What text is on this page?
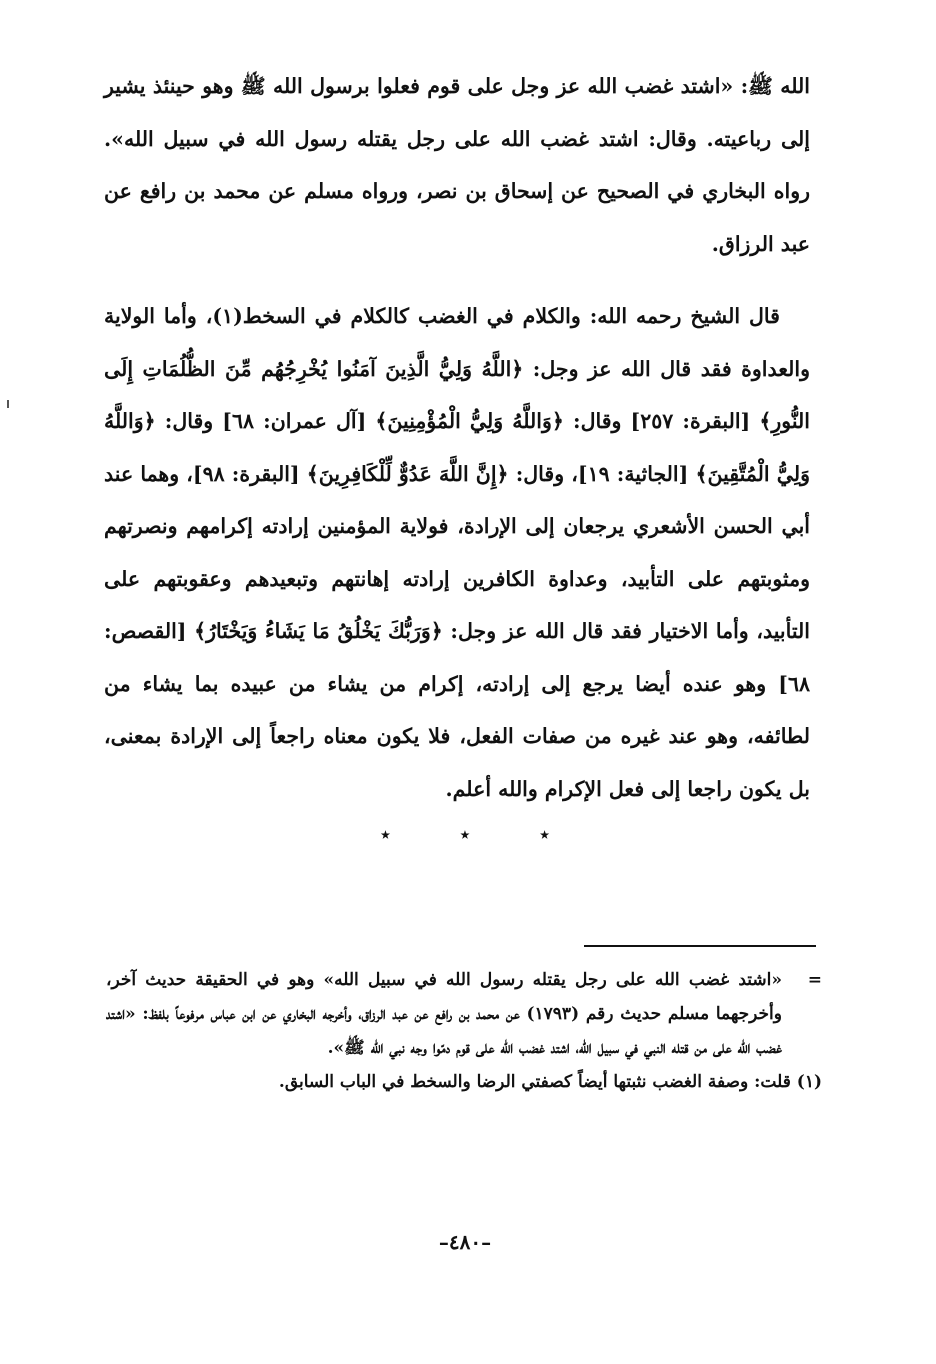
الله ﷺ: «اشتد غضب الله عز وجل على قوم فعلوا برسول الله ﷺ وهو حينئذ يشير إلى رباعيته. وقال: اشتد غضب الله على رجل يقتله رسول الله في سبيل الله». رواه البخاري في الصحيح عن إسحاق بن نصر، ورواه مسلم عن محمد بن رافع عن عبد الرزاق.

قال الشيخ رحمه الله: والكلام في الغضب كالكلام في السخط(١)، وأما الولاية والعداوة فقد قال الله عز وجل: ﴿اللَّهُ وَلِيُّ الَّذِينَ آمَنُوا يُخْرِجُهُم مِّنَ الظُّلُمَاتِ إِلَى النُّورِ﴾ [البقرة: ٢٥٧] وقال: ﴿وَاللَّهُ وَلِيُّ الْمُؤْمِنِينَ﴾ [آل عمران: ٦٨] وقال: ﴿وَاللَّهُ وَلِيُّ الْمُتَّقِينَ﴾ [الجاثية: ١٩]، وقال: ﴿إِنَّ اللَّهَ عَدُوٌّ لِّلْكَافِرِينَ﴾ [البقرة: ٩٨]، وهما عند أبي الحسن الأشعري يرجعان إلى الإرادة، فولاية المؤمنين إرادته إكرامهم ونصرتهم ومثوبتهم على التأبيد، وعداوة الكافرين إرادته إهانتهم وتبعيدهم وعقوبتهم على التأبيد، وأما الاختيار فقد قال الله عز وجل: ﴿وَرَبُّكَ يَخْلُقُ مَا يَشَاءُ وَيَخْتَارُ﴾ [القصص: ٦٨] وهو عنده أيضا يرجع إلى إرادته، إكرام من يشاء من عبيده بما يشاء من لطائفه، وهو عند غيره من صفات الفعل، فلا يكون معناه راجعاً إلى الإرادة بمعنى، بل يكون راجعا إلى فعل الإكرام والله أعلم.

٭	٭	٭
=
«اشتد غضب الله على رجل يقتله رسول الله في سبيل الله» وهو في الحقيقة حديث آخر، وأخرجهما مسلم حديث رقم (١٧٩٣) عن محمد بن رافع عن عبد الرزاق، وأخرجه البخاري عن ابن عباس مرفوعاً بلفظ: «اشتد غضب الله على من قتله النبي في سبيل الله، اشتد غضب الله على قوم دمّوا وجه نبي الله ﷺ».
(١) قلت: وصفة الغضب نثبتها أيضاً كصفتي الرضا والسخط في الباب السابق.
–٤٨٠–
